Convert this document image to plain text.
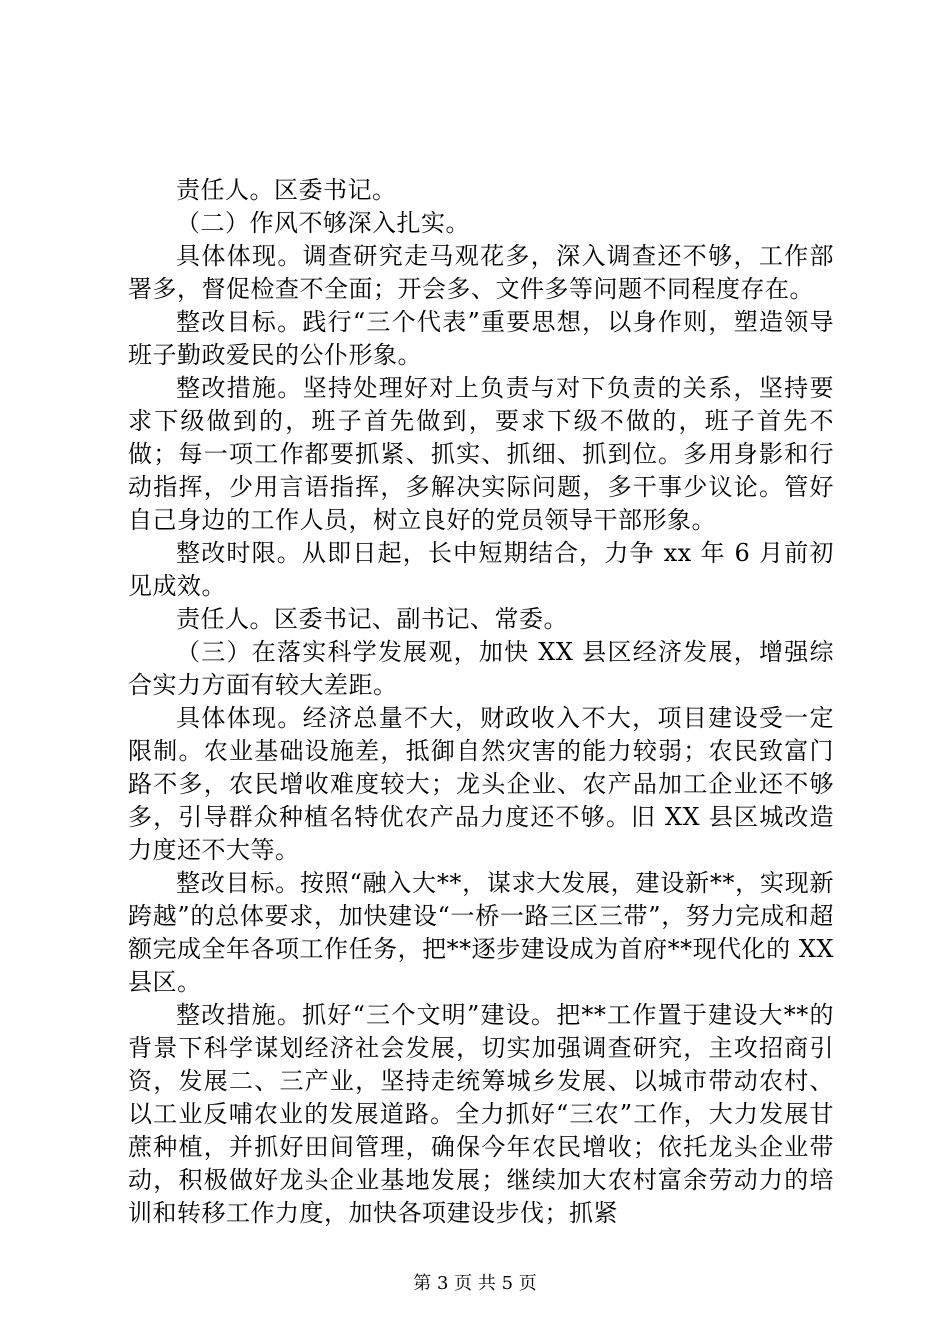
责任人。区委书记。

（二）作风不够深入扎实。

具体体现。调查研究走马观花多，深入调查还不够，工作部署多，督促检查不全面；开会多、文件多等问题不同程度存在。

整改目标。践行“三个代表”重要思想，以身作则，塑造领导班子勤政爱民的公仆形象。

整改措施。坚持处理好对上负责与对下负责的关系，坚持要求下级做到的，班子首先做到，要求下级不做的，班子首先不做；每一项工作都要抓紧、抓实、抓细、抓到位。多用身影和行动指挥，少用言语指挥，多解决实际问题，多干事少议论。管好自己身边的工作人员，树立良好的党员领导干部形象。

整改时限。从即日起，长中短期结合，力争 xx 年 6 月前初见成效。

责任人。区委书记、副书记、常委。

（三）在落实科学发展观，加快 XX 县区经济发展，增强综合实力方面有较大差距。

具体体现。经济总量不大，财政收入不大，项目建设受一定限制。农业基础设施差，抵御自然灾害的能力较弱；农民致富门路不多，农民增收难度较大；龙头企业、农产品加工企业还不够多，引导群众种植名特优农产品力度还不够。旧 XX 县区城改造力度还不大等。

整改目标。按照“融入大**，谋求大发展，建设新**，实现新跨越”的总体要求，加快建设“一桥一路三区三带”，努力完成和超额完成全年各项工作任务，把**逐步建设成为首府**现代化的 XX 县区。

整改措施。抓好“三个文明”建设。把**工作置于建设大**的背景下科学谋划经济社会发展，切实加强调查研究，主攻招商引资，发展二、三产业，坚持走统筹城乡发展、以城市带动农村、以工业反哺农业的发展道路。全力抓好“三农”工作，大力发展甘蔗种植，并抓好田间管理，确保今年农民增收；依托龙头企业带动，积极做好龙头企业基地发展；继续加大农村富余劳动力的培训和转移工作力度，加快各项建设步伐；抓紧

第 3 页 共 5 页
